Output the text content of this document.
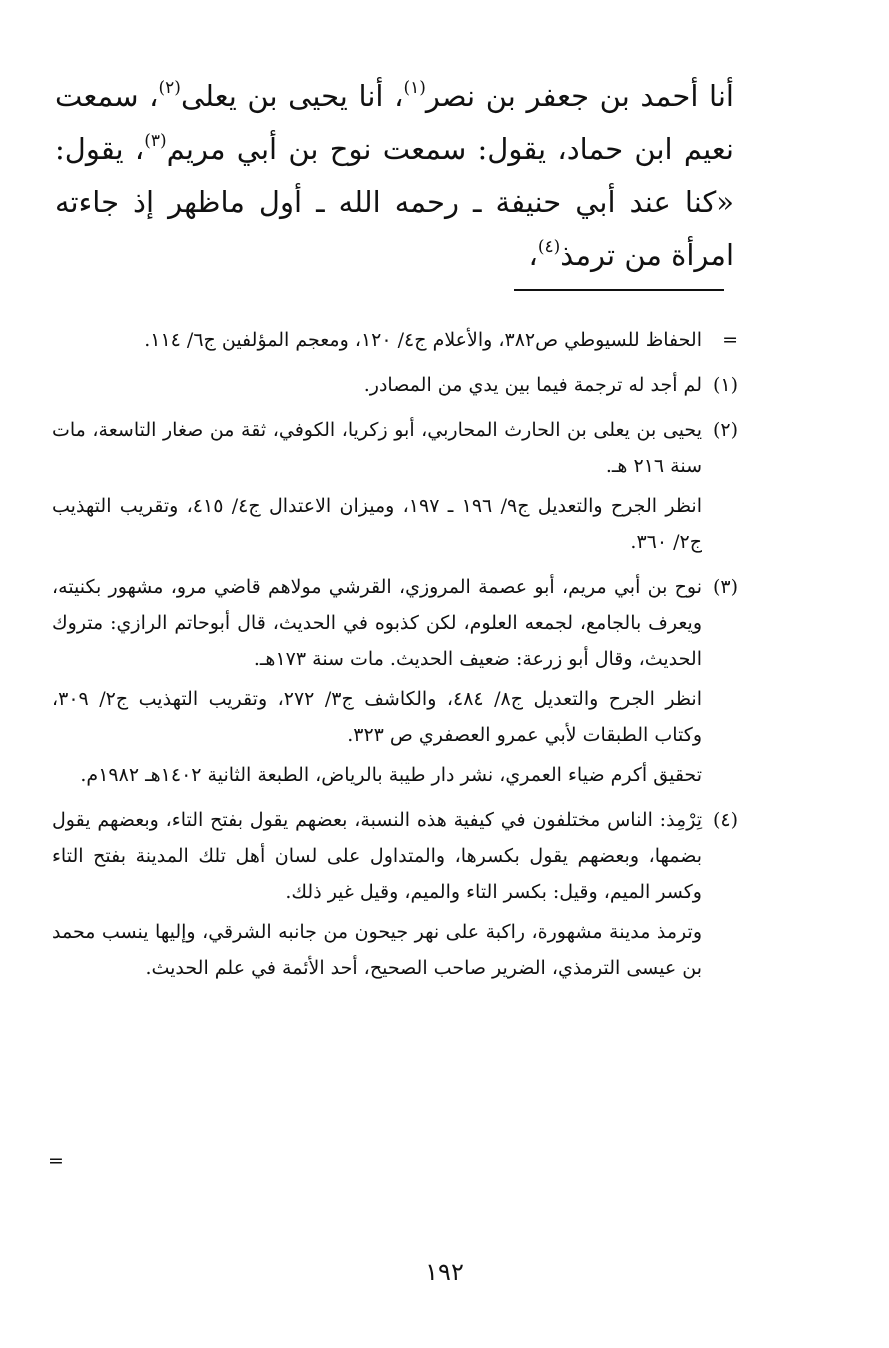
أنا أحمد بن جعفر بن نصر$^{(١)}$، أنا يحيى بن يعلى$^{(٢)}$، سمعت نعيم ابن حماد، يقول: سمعت نوح بن أبي مريم$^{(٣)}$، يقول: «كنا عند أبي حنيفة ـ رحمه الله ـ أول ماظهر إذ جاءته امرأة من ترمذ$^{(٤)}$،

=

الحفاظ للسيوطي ص٣٨٢، والأعلام ج٤/ ١٢٠، ومعجم المؤلفين ج٦/ ١١٤.

(١)

لم أجد له ترجمة فيما بين يدي من المصادر.

(٢)

يحيى بن يعلى بن الحارث المحاربي، أبو زكريا، الكوفي، ثقة من صغار التاسعة، مات سنة ٢١٦ هـ.

انظر الجرح والتعديل ج٩/ ١٩٦ ـ ١٩٧، وميزان الاعتدال ج٤/ ٤١٥، وتقريب التهذيب ج٢/ ٣٦٠.

(٣)

نوح بن أبي مريم، أبو عصمة المروزي، القرشي مولاهم قاضي مرو، مشهور بكنيته، ويعرف بالجامع، لجمعه العلوم، لكن كذبوه في الحديث، قال أبوحاتم الرازي: متروك الحديث، وقال أبو زرعة: ضعيف الحديث. مات سنة ١٧٣هـ.

انظر الجرح والتعديل ج٨/ ٤٨٤، والكاشف ج٣/ ٢٧٢، وتقريب التهذيب ج٢/ ٣٠٩، وكتاب الطبقات لأبي عمرو العصفري ص ٣٢٣.

تحقيق أكرم ضياء العمري، نشر دار طيبة بالرياض، الطبعة الثانية ١٤٠٢هـ ١٩٨٢م.

(٤)

تِرْمِذ: الناس مختلفون في كيفية هذه النسبة، بعضهم يقول بفتح التاء، وبعضهم يقول بضمها، وبعضهم يقول بكسرها، والمتداول على لسان أهل تلك المدينة بفتح التاء وكسر الميم، وقيل: بكسر التاء والميم، وقيل غير ذلك.

وترمذ مدينة مشهورة، راكبة على نهر جيحون من جانبه الشرقي، وإليها ينسب محمد بن عيسى الترمذي، الضرير صاحب الصحيح، أحد الأئمة في علم الحديث.

=
١٩٢
